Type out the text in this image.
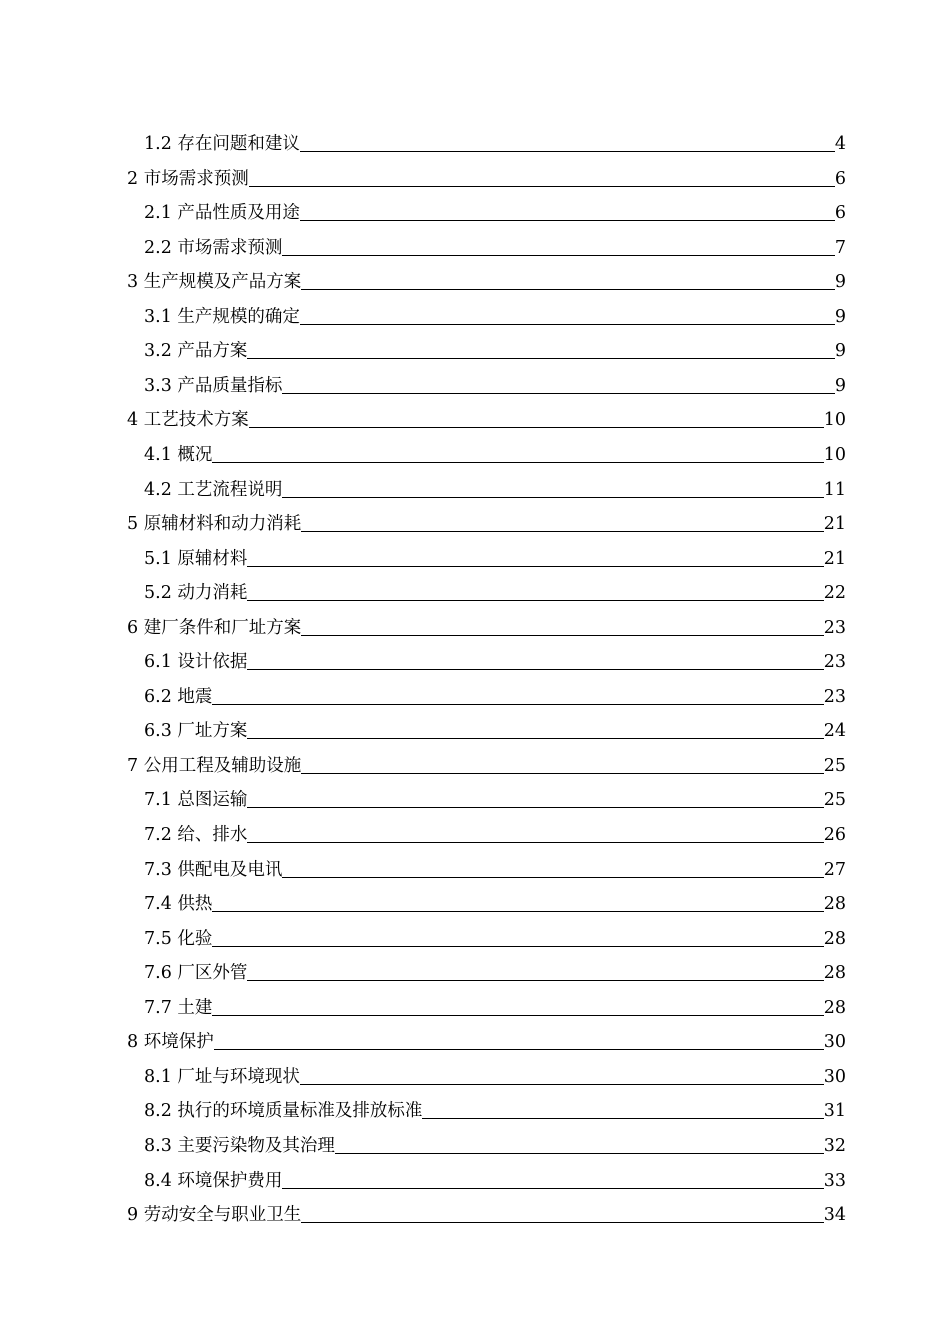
1.2 存在问题和建议	4
2 市场需求预测	6
2.1 产品性质及用途	6
2.2 市场需求预测	7
3 生产规模及产品方案	9
3.1 生产规模的确定	9
3.2 产品方案	9
3.3 产品质量指标	9
4 工艺技术方案	10
4.1 概况	10
4.2 工艺流程说明	11
5 原辅材料和动力消耗	21
5.1 原辅材料	21
5.2 动力消耗	22
6 建厂条件和厂址方案	23
6.1 设计依据	23
6.2 地震	23
6.3 厂址方案	24
7 公用工程及辅助设施	25
7.1 总图运输	25
7.2 给、排水	26
7.3 供配电及电讯	27
7.4 供热	28
7.5 化验	28
7.6 厂区外管	28
7.7 土建	28
8 环境保护	30
8.1 厂址与环境现状	30
8.2 执行的环境质量标准及排放标准	31
8.3 主要污染物及其治理	32
8.4 环境保护费用	33
9 劳动安全与职业卫生	34
